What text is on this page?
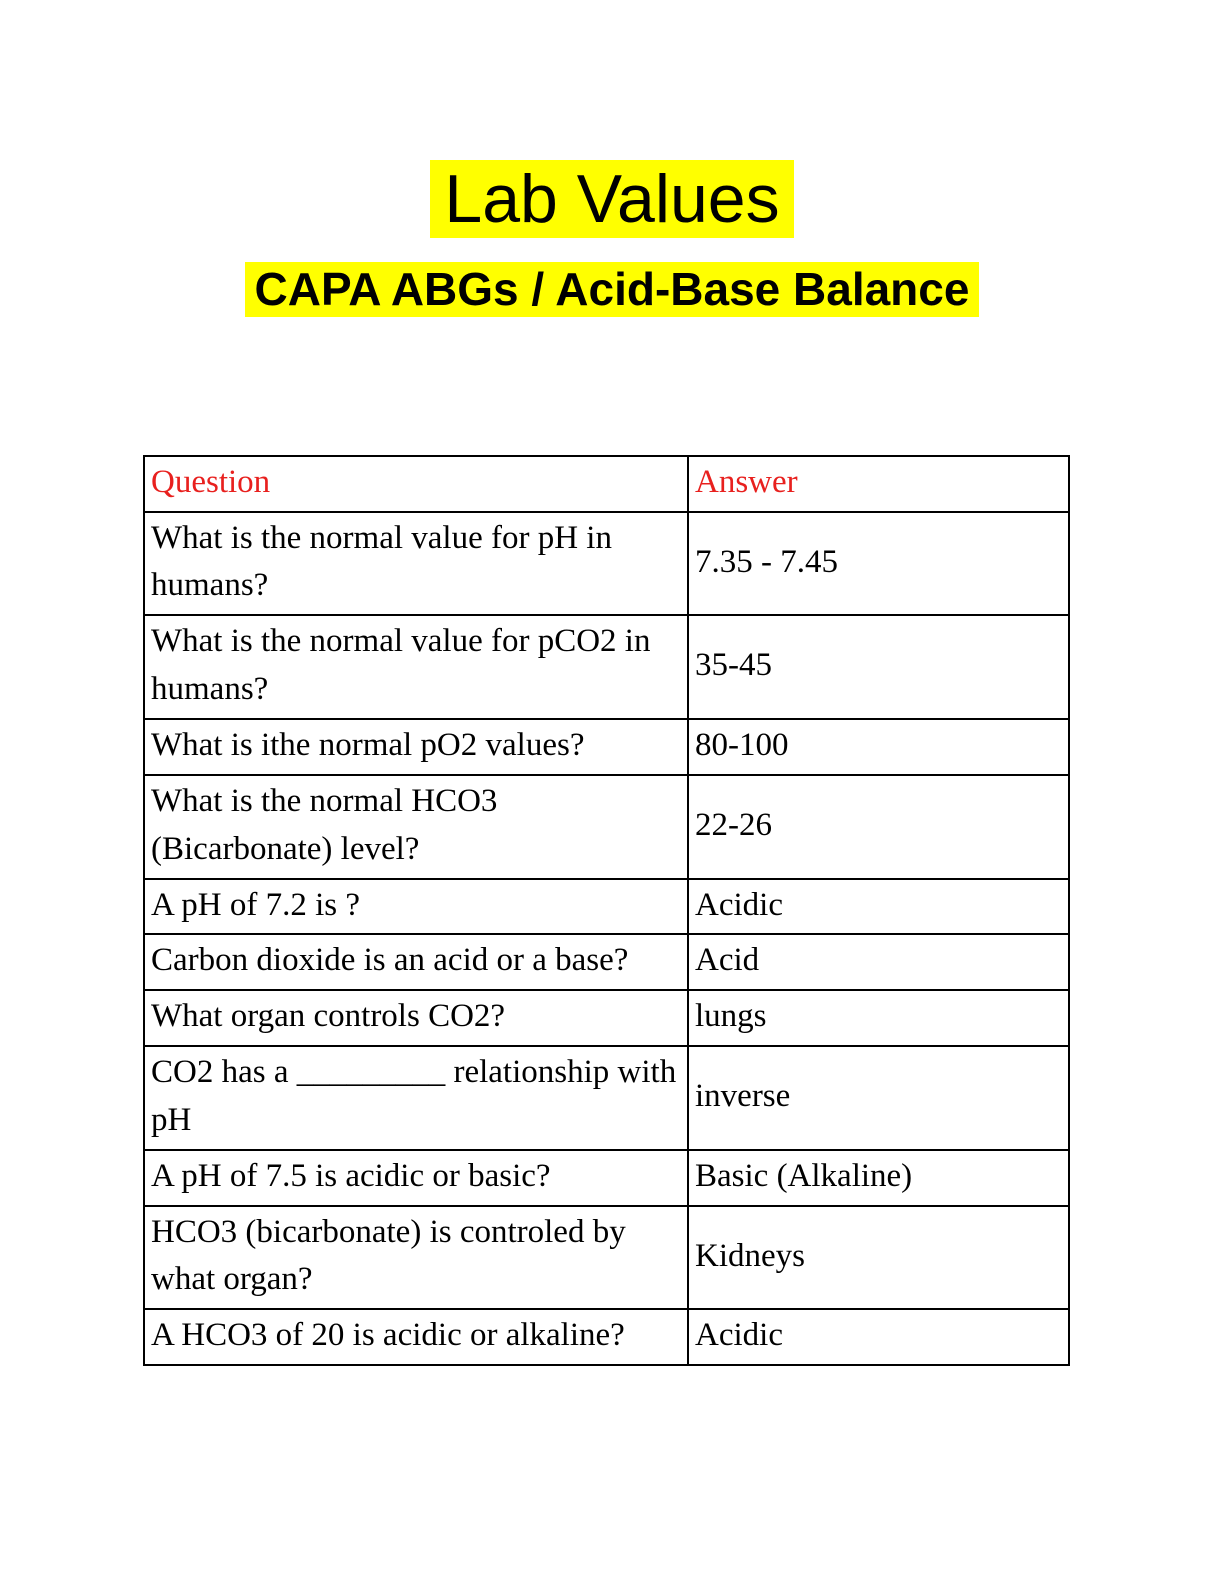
Lab Values
CAPA ABGs / Acid-Base Balance
Question	Answer
What is the normal value for pH in humans?	7.35 - 7.45
What is the normal value for pCO2 in humans?	35-45
What is ithe normal pO2 values?	80-100
What is the normal HCO3 (Bicarbonate) level?	22-26
A pH of 7.2 is ?	Acidic
Carbon dioxide is an acid or a base?	Acid
What organ controls CO2?	lungs
CO2 has a _________ relationship with pH	inverse
A pH of 7.5 is acidic or basic?	Basic (Alkaline)
HCO3 (bicarbonate) is controled by what organ?	Kidneys
A HCO3 of 20 is acidic or alkaline?	Acidic
